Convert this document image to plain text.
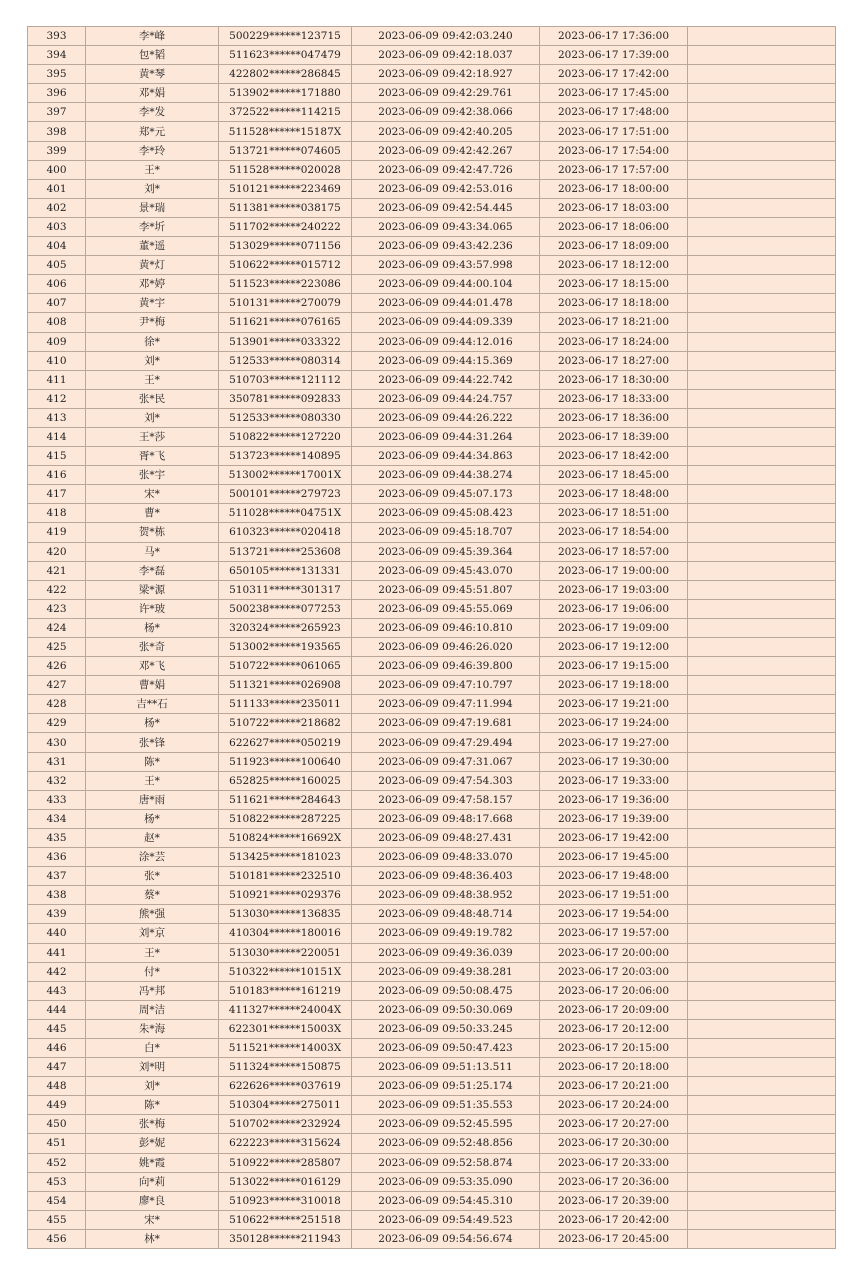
393	李*峰	500229******123715	2023-06-09 09:42:03.240	2023-06-17 17:36:00	
394	包*韬	511623******047479	2023-06-09 09:42:18.037	2023-06-17 17:39:00	
395	黄*琴	422802******286845	2023-06-09 09:42:18.927	2023-06-17 17:42:00	
396	邓*娟	513902******171880	2023-06-09 09:42:29.761	2023-06-17 17:45:00	
397	李*发	372522******114215	2023-06-09 09:42:38.066	2023-06-17 17:48:00	
398	郑*元	511528******15187X	2023-06-09 09:42:40.205	2023-06-17 17:51:00	
399	李*玲	513721******074605	2023-06-09 09:42:42.267	2023-06-17 17:54:00	
400	王*	511528******020028	2023-06-09 09:42:47.726	2023-06-17 17:57:00	
401	刘*	510121******223469	2023-06-09 09:42:53.016	2023-06-17 18:00:00	
402	景*瑞	511381******038175	2023-06-09 09:42:54.445	2023-06-17 18:03:00	
403	李*圻	511702******240222	2023-06-09 09:43:34.065	2023-06-17 18:06:00	
404	董*遥	513029******071156	2023-06-09 09:43:42.236	2023-06-17 18:09:00	
405	黄*灯	510622******015712	2023-06-09 09:43:57.998	2023-06-17 18:12:00	
406	邓*婷	511523******223086	2023-06-09 09:44:00.104	2023-06-17 18:15:00	
407	黄*宇	510131******270079	2023-06-09 09:44:01.478	2023-06-17 18:18:00	
408	尹*梅	511621******076165	2023-06-09 09:44:09.339	2023-06-17 18:21:00	
409	徐*	513901******033322	2023-06-09 09:44:12.016	2023-06-17 18:24:00	
410	刘*	512533******080314	2023-06-09 09:44:15.369	2023-06-17 18:27:00	
411	王*	510703******121112	2023-06-09 09:44:22.742	2023-06-17 18:30:00	
412	张*民	350781******092833	2023-06-09 09:44:24.757	2023-06-17 18:33:00	
413	刘*	512533******080330	2023-06-09 09:44:26.222	2023-06-17 18:36:00	
414	王*莎	510822******127220	2023-06-09 09:44:31.264	2023-06-17 18:39:00	
415	胥*飞	513723******140895	2023-06-09 09:44:34.863	2023-06-17 18:42:00	
416	张*宇	513002******17001X	2023-06-09 09:44:38.274	2023-06-17 18:45:00	
417	宋*	500101******279723	2023-06-09 09:45:07.173	2023-06-17 18:48:00	
418	曹*	511028******04751X	2023-06-09 09:45:08.423	2023-06-17 18:51:00	
419	贺*栋	610323******020418	2023-06-09 09:45:18.707	2023-06-17 18:54:00	
420	马*	513721******253608	2023-06-09 09:45:39.364	2023-06-17 18:57:00	
421	李*磊	650105******131331	2023-06-09 09:45:43.070	2023-06-17 19:00:00	
422	梁*源	510311******301317	2023-06-09 09:45:51.807	2023-06-17 19:03:00	
423	许*玻	500238******077253	2023-06-09 09:45:55.069	2023-06-17 19:06:00	
424	杨*	320324******265923	2023-06-09 09:46:10.810	2023-06-17 19:09:00	
425	张*奇	513002******193565	2023-06-09 09:46:26.020	2023-06-17 19:12:00	
426	邓*飞	510722******061065	2023-06-09 09:46:39.800	2023-06-17 19:15:00	
427	曹*娟	511321******026908	2023-06-09 09:47:10.797	2023-06-17 19:18:00	
428	吉**石	511133******235011	2023-06-09 09:47:11.994	2023-06-17 19:21:00	
429	杨*	510722******218682	2023-06-09 09:47:19.681	2023-06-17 19:24:00	
430	张*锋	622627******050219	2023-06-09 09:47:29.494	2023-06-17 19:27:00	
431	陈*	511923******100640	2023-06-09 09:47:31.067	2023-06-17 19:30:00	
432	王*	652825******160025	2023-06-09 09:47:54.303	2023-06-17 19:33:00	
433	唐*雨	511621******284643	2023-06-09 09:47:58.157	2023-06-17 19:36:00	
434	杨*	510822******287225	2023-06-09 09:48:17.668	2023-06-17 19:39:00	
435	赵*	510824******16692X	2023-06-09 09:48:27.431	2023-06-17 19:42:00	
436	涂*芸	513425******181023	2023-06-09 09:48:33.070	2023-06-17 19:45:00	
437	张*	510181******232510	2023-06-09 09:48:36.403	2023-06-17 19:48:00	
438	蔡*	510921******029376	2023-06-09 09:48:38.952	2023-06-17 19:51:00	
439	熊*强	513030******136835	2023-06-09 09:48:48.714	2023-06-17 19:54:00	
440	刘*京	410304******180016	2023-06-09 09:49:19.782	2023-06-17 19:57:00	
441	王*	513030******220051	2023-06-09 09:49:36.039	2023-06-17 20:00:00	
442	付*	510322******10151X	2023-06-09 09:49:38.281	2023-06-17 20:03:00	
443	冯*邦	510183******161219	2023-06-09 09:50:08.475	2023-06-17 20:06:00	
444	周*洁	411327******24004X	2023-06-09 09:50:30.069	2023-06-17 20:09:00	
445	朱*海	622301******15003X	2023-06-09 09:50:33.245	2023-06-17 20:12:00	
446	白*	511521******14003X	2023-06-09 09:50:47.423	2023-06-17 20:15:00	
447	刘*明	511324******150875	2023-06-09 09:51:13.511	2023-06-17 20:18:00	
448	刘*	622626******037619	2023-06-09 09:51:25.174	2023-06-17 20:21:00	
449	陈*	510304******275011	2023-06-09 09:51:35.553	2023-06-17 20:24:00	
450	张*梅	510702******232924	2023-06-09 09:52:45.595	2023-06-17 20:27:00	
451	彭*妮	622223******315624	2023-06-09 09:52:48.856	2023-06-17 20:30:00	
452	姚*霞	510922******285807	2023-06-09 09:52:58.874	2023-06-17 20:33:00	
453	向*莉	513022******016129	2023-06-09 09:53:35.090	2023-06-17 20:36:00	
454	廖*良	510923******310018	2023-06-09 09:54:45.310	2023-06-17 20:39:00	
455	宋*	510622******251518	2023-06-09 09:54:49.523	2023-06-17 20:42:00	
456	林*	350128******211943	2023-06-09 09:54:56.674	2023-06-17 20:45:00	
